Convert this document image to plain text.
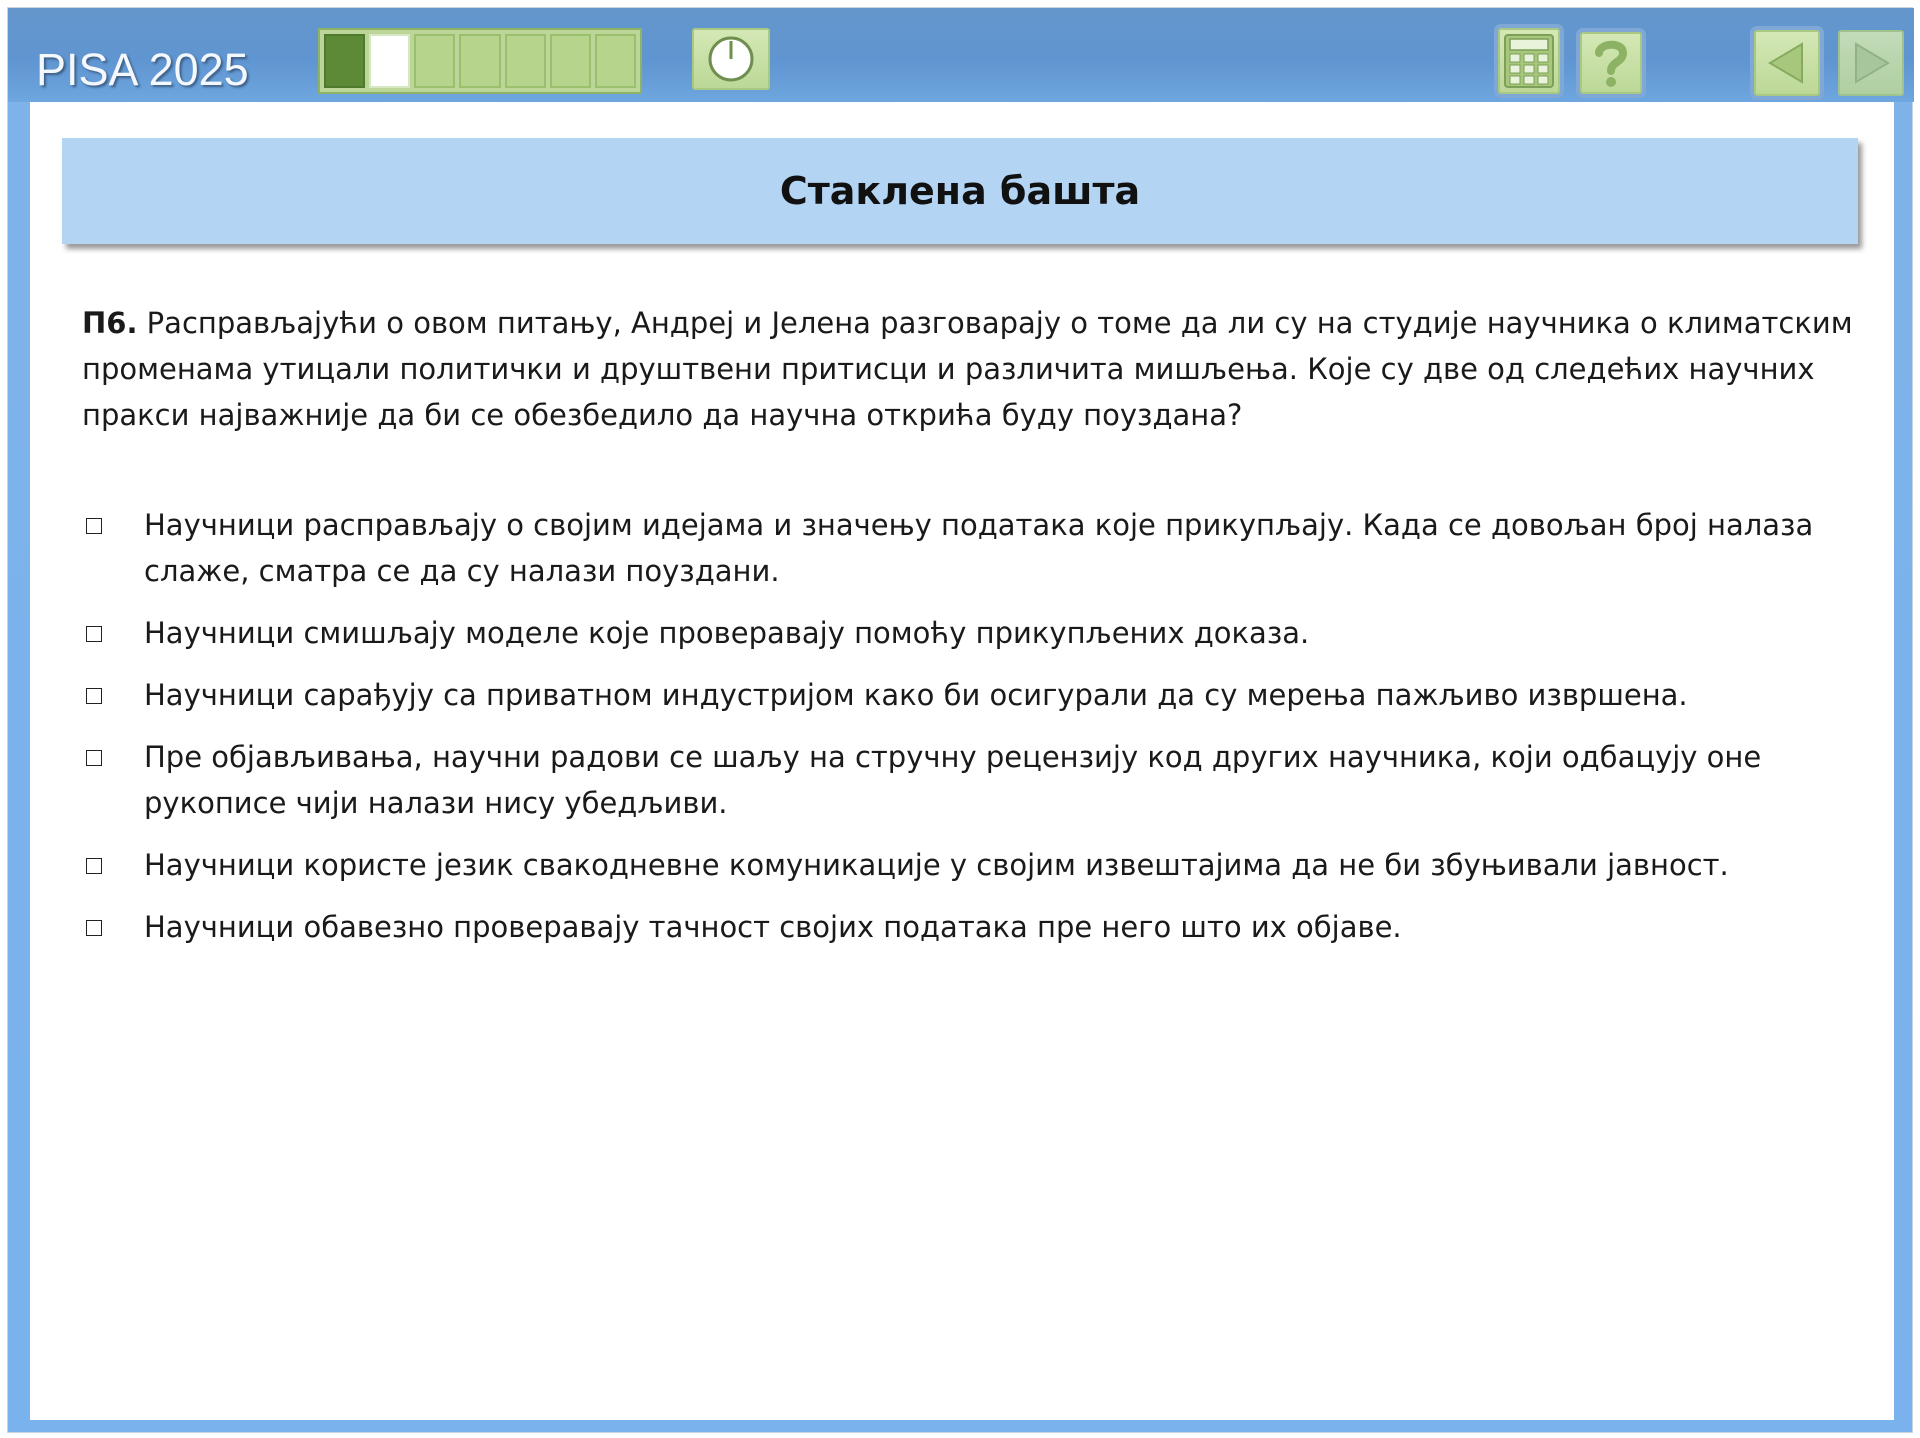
PISA 2025
Стаклена башта

П6. Расправљајући о овом питању, Андреј и Јелена разговарају о томе да ли су на студије научника о климатским променама утицали политички и друштвени притисци и различита мишљења. Које су две од следећих научних пракси најважније да би се обезбедило да научна открића буду поуздана?

Научници расправљају о својим идејама и значењу података које прикупљају. Када се довољан број налаза слаже, сматра се да су налази поуздани.
Научници смишљају моделе које проверавају помоћу прикупљених доказа.
Научници сарађују са приватном индустријом како би осигурали да су мерења пажљиво извршена.
Пре објављивања, научни радови се шаљу на стручну рецензију код других научника, који одбацују оне рукописе чији налази нису убедљиви.
Научници користе језик свакодневне комуникације у својим извештајима да не би збуњивали јавност.
Научници обавезно проверавају тачност својих података пре него што их објаве.
